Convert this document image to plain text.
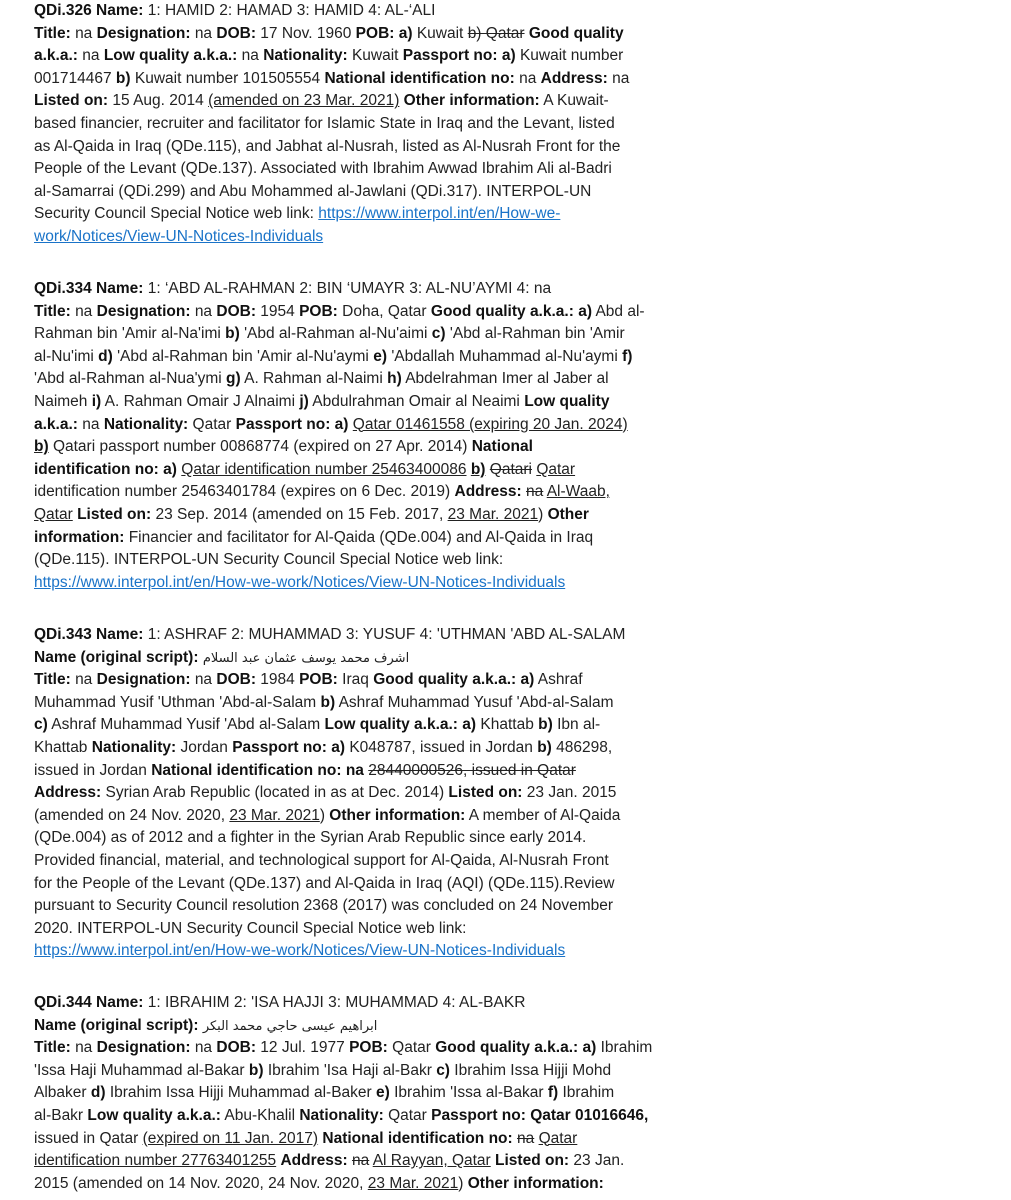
QDi.326 Name: 1: HAMID 2: HAMAD 3: HAMID 4: AL-‘ALI
Title: na Designation: na DOB: 17 Nov. 1960 POB: a) Kuwait b) Qatar Good quality
a.k.a.: na Low quality a.k.a.: na Nationality: Kuwait Passport no: a) Kuwait number
001714467 b) Kuwait number 101505554 National identification no: na Address: na
Listed on: 15 Aug. 2014 (amended on 23 Mar. 2021) Other information: A Kuwait-
based financier, recruiter and facilitator for Islamic State in Iraq and the Levant, listed
as Al-Qaida in Iraq (QDe.115), and Jabhat al-Nusrah, listed as Al-Nusrah Front for the
People of the Levant (QDe.137). Associated with Ibrahim Awwad Ibrahim Ali al-Badri
al-Samarrai (QDi.299) and Abu Mohammed al-Jawlani (QDi.317). INTERPOL-UN
Security Council Special Notice web link: https://www.interpol.int/en/How-we-
work/Notices/View-UN-Notices-Individuals
QDi.334 Name: 1: ‘ABD AL-RAHMAN 2: BIN ‘UMAYR 3: AL-NU’AYMI 4: na
Title: na Designation: na DOB: 1954 POB: Doha, Qatar Good quality a.k.a.: a) Abd al-
Rahman bin 'Amir al-Na'imi b) 'Abd al-Rahman al-Nu'aimi c) 'Abd al-Rahman bin 'Amir
al-Nu'imi d) 'Abd al-Rahman bin 'Amir al-Nu'aymi e) 'Abdallah Muhammad al-Nu'aymi f)
'Abd al-Rahman al-Nua'ymi g) A. Rahman al-Naimi h) Abdelrahman Imer al Jaber al
Naimeh i) A. Rahman Omair J Alnaimi j) Abdulrahman Omair al Neaimi Low quality
a.k.a.: na Nationality: Qatar Passport no: a) Qatar 01461558 (expiring 20 Jan. 2024)
b) Qatari passport number 00868774 (expired on 27 Apr. 2014) National
identification no: a) Qatar identification number 25463400086 b) Qatari Qatar
identification number 25463401784 (expires on 6 Dec. 2019) Address: na Al-Waab,
Qatar Listed on: 23 Sep. 2014 (amended on 15 Feb. 2017, 23 Mar. 2021) Other
information: Financier and facilitator for Al-Qaida (QDe.004) and Al-Qaida in Iraq
(QDe.115). INTERPOL-UN Security Council Special Notice web link:
https://www.interpol.int/en/How-we-work/Notices/View-UN-Notices-Individuals
QDi.343 Name: 1: ASHRAF 2: MUHAMMAD 3: YUSUF 4: 'UTHMAN 'ABD AL-SALAM
Name (original script): اشرف محمد يوسف عثمان عبد السلام
Title: na Designation: na DOB: 1984 POB: Iraq Good quality a.k.a.: a) Ashraf
Muhammad Yusif 'Uthman 'Abd-al-Salam b) Ashraf Muhammad Yusuf 'Abd-al-Salam
c) Ashraf Muhammad Yusif 'Abd al-Salam Low quality a.k.a.: a) Khattab b) Ibn al-
Khattab Nationality: Jordan Passport no: a) K048787, issued in Jordan b) 486298,
issued in Jordan National identification no: na 28440000526, issued in Qatar
Address: Syrian Arab Republic (located in as at Dec. 2014) Listed on: 23 Jan. 2015
(amended on 24 Nov. 2020, 23 Mar. 2021) Other information: A member of Al-Qaida
(QDe.004) as of 2012 and a fighter in the Syrian Arab Republic since early 2014.
Provided financial, material, and technological support for Al-Qaida, Al-Nusrah Front
for the People of the Levant (QDe.137) and Al-Qaida in Iraq (AQI) (QDe.115).Review
pursuant to Security Council resolution 2368 (2017) was concluded on 24 November
2020. INTERPOL-UN Security Council Special Notice web link:
https://www.interpol.int/en/How-we-work/Notices/View-UN-Notices-Individuals
QDi.344 Name: 1: IBRAHIM 2: 'ISA HAJJI 3: MUHAMMAD 4: AL-BAKR
Name (original script): ابراهيم عيسى حاجي محمد البكر
Title: na Designation: na DOB: 12 Jul. 1977 POB: Qatar Good quality a.k.a.: a) Ibrahim
'Issa Haji Muhammad al-Bakar b) Ibrahim 'Isa Haji al-Bakr c) Ibrahim Issa Hijji Mohd
Albaker d) Ibrahim Issa Hijji Muhammad al-Baker e) Ibrahim 'Issa al-Bakar f) Ibrahim
al-Bakr Low quality a.k.a.: Abu-Khalil Nationality: Qatar Passport no: Qatar 01016646,
issued in Qatar (expired on 11 Jan. 2017) National identification no: na Qatar
identification number 27763401255 Address: na Al Rayyan, Qatar Listed on: 23 Jan.
2015 (amended on 14 Nov. 2020, 24 Nov. 2020, 23 Mar. 2021) Other information:
